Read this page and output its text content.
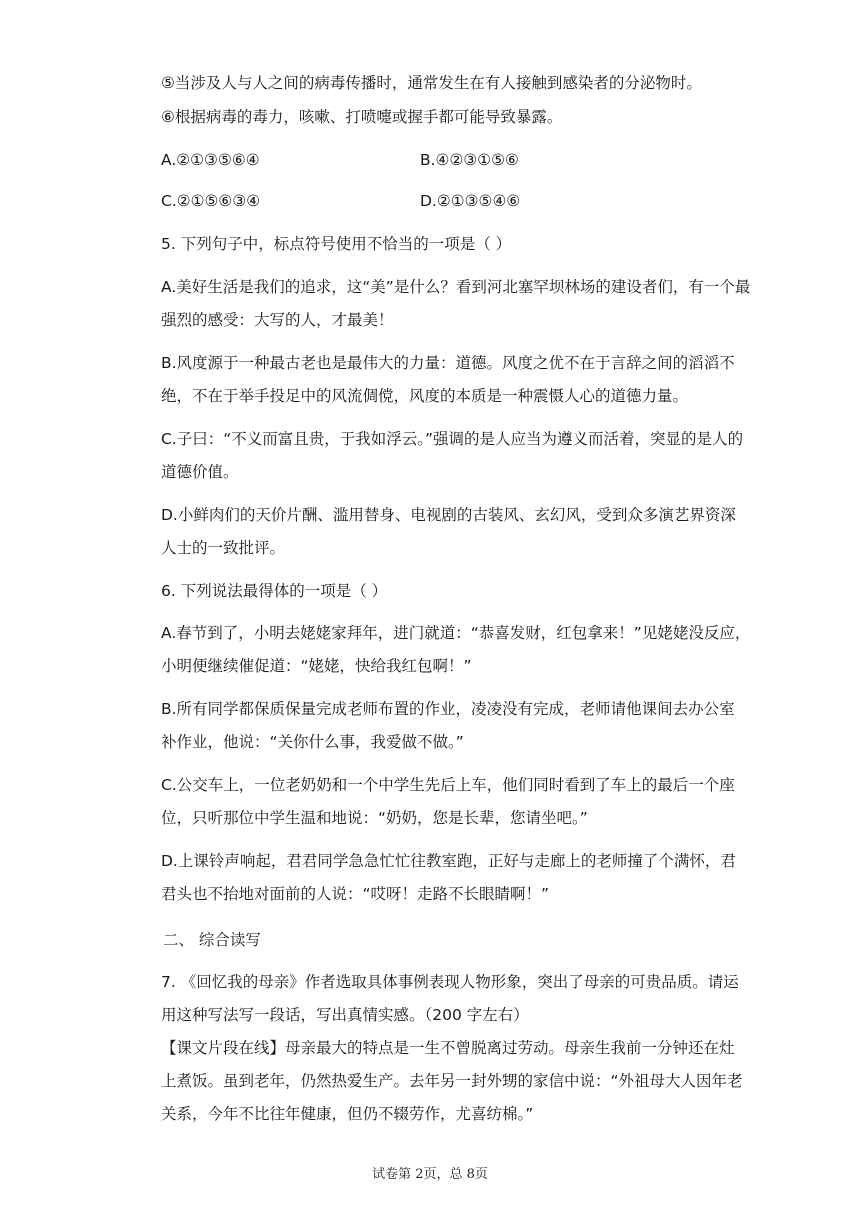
⑤当涉及人与人之间的病毒传播时，通常发生在有人接触到感染者的分泌物时。
⑥根据病毒的毒力，咳嗽、打喷嚏或握手都可能导致暴露。
A.②①③⑤⑥④	B.④②③①⑤⑥
C.②①⑤⑥③④	D.②①③⑤④⑥
5. 下列句子中，标点符号使用不恰当的一项是（ ）
A.美好生活是我们的追求，这“美”是什么？看到河北塞罕坝林场的建设者们，有一个最
强烈的感受：大写的人，才最美！
B.风度源于一种最古老也是最伟大的力量：道德。风度之优不在于言辞之间的滔滔不
绝，不在于举手投足中的风流倜傥，风度的本质是一种震慑人心的道德力量。
C.子曰：“不义而富且贵，于我如浮云。”强调的是人应当为遵义而活着，突显的是人的
道德价值。
D.小鲜肉们的天价片酬、滥用替身、电视剧的古装风、玄幻风，受到众多演艺界资深
人士的一致批评。
6. 下列说法最得体的一项是（ ）
A.春节到了，小明去姥姥家拜年，进门就道：“恭喜发财，红包拿来！”见姥姥没反应，
小明便继续催促道：“姥姥，快给我红包啊！”
B.所有同学都保质保量完成老师布置的作业，凌凌没有完成，老师请他课间去办公室
补作业，他说：“关你什么事，我爱做不做。”
C.公交车上，一位老奶奶和一个中学生先后上车，他们同时看到了车上的最后一个座
位，只听那位中学生温和地说：“奶奶，您是长辈，您请坐吧。”
D.上课铃声响起，君君同学急急忙忙往教室跑，正好与走廊上的老师撞了个满怀，君
君头也不抬地对面前的人说：“哎呀！走路不长眼睛啊！”
二、 综合读写
7. 《回忆我的母亲》作者选取具体事例表现人物形象，突出了母亲的可贵品质。请运
用这种写法写一段话，写出真情实感。（200 字左右）
【课文片段在线】母亲最大的特点是一生不曾脱离过劳动。母亲生我前一分钟还在灶
上煮饭。虽到老年，仍然热爱生产。去年另一封外甥的家信中说：“外祖母大人因年老
关系，今年不比往年健康，但仍不辍劳作，尤喜纺棉。”
试卷第 2页，总 8页
